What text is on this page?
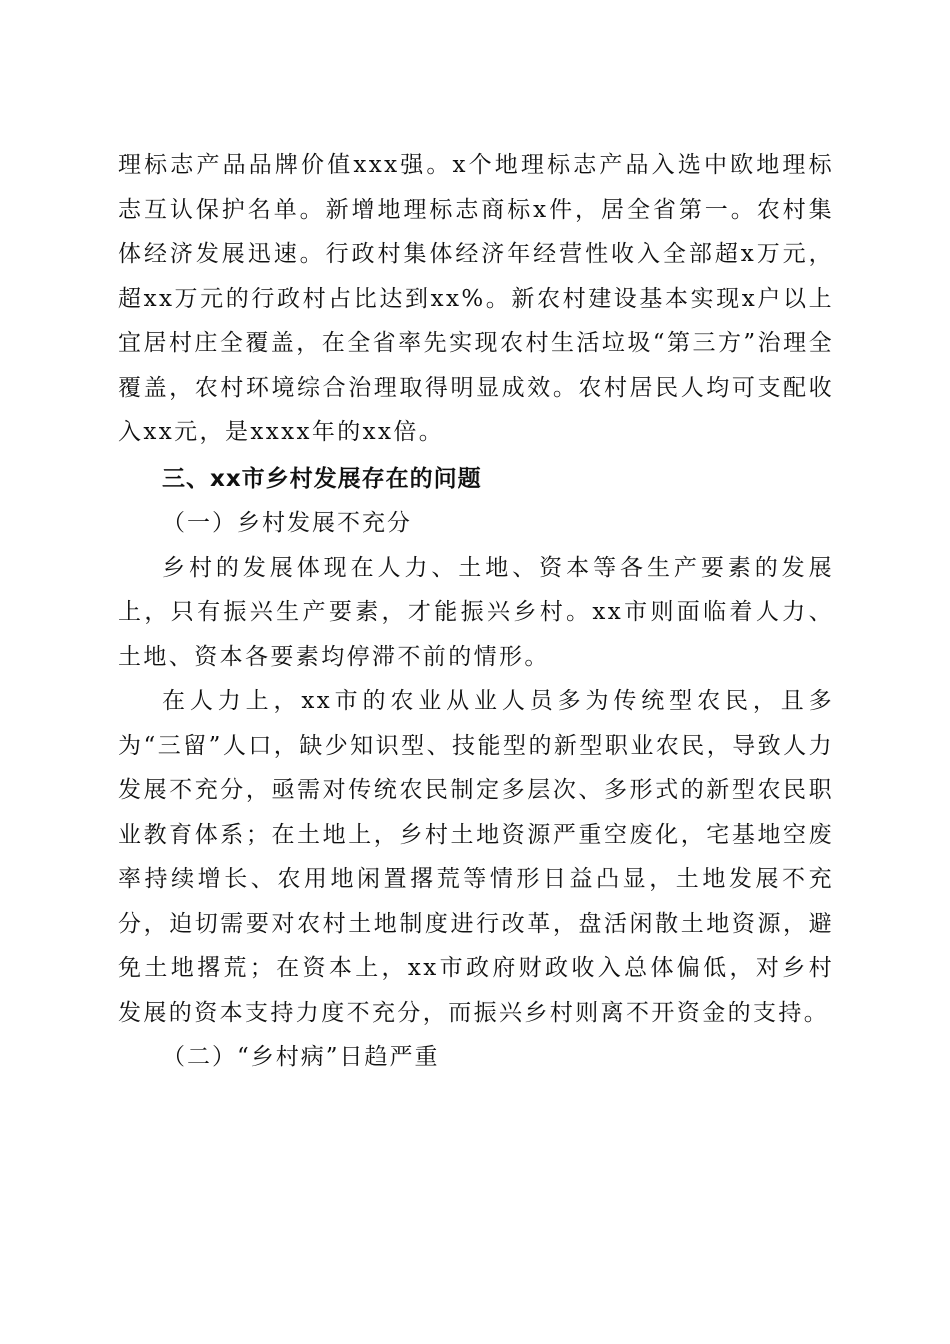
理标志产品品牌价值xxx强。x个地理标志产品入选中欧地理标志互认保护名单。新增地理标志商标x件，居全省第一。农村集体经济发展迅速。行政村集体经济年经营性收入全部超x万元，超xx万元的行政村占比达到xx%。新农村建设基本实现x户以上宜居村庄全覆盖，在全省率先实现农村生活垃圾“第三方”治理全覆盖，农村环境综合治理取得明显成效。农村居民人均可支配收入xx元，是xxxx年的xx倍。

三、xx市乡村发展存在的问题

（一）乡村发展不充分

乡村的发展体现在人力、土地、资本等各生产要素的发展上，只有振兴生产要素，才能振兴乡村。xx市则面临着人力、土地、资本各要素均停滞不前的情形。

在人力上，xx市的农业从业人员多为传统型农民，且多为“三留”人口，缺少知识型、技能型的新型职业农民，导致人力发展不充分，亟需对传统农民制定多层次、多形式的新型农民职业教育体系；在土地上，乡村土地资源严重空废化，宅基地空废率持续增长、农用地闲置撂荒等情形日益凸显，土地发展不充分，迫切需要对农村土地制度进行改革，盘活闲散土地资源，避免土地撂荒；在资本上，xx市政府财政收入总体偏低，对乡村发展的资本支持力度不充分，而振兴乡村则离不开资金的支持。

（二）“乡村病”日趋严重
